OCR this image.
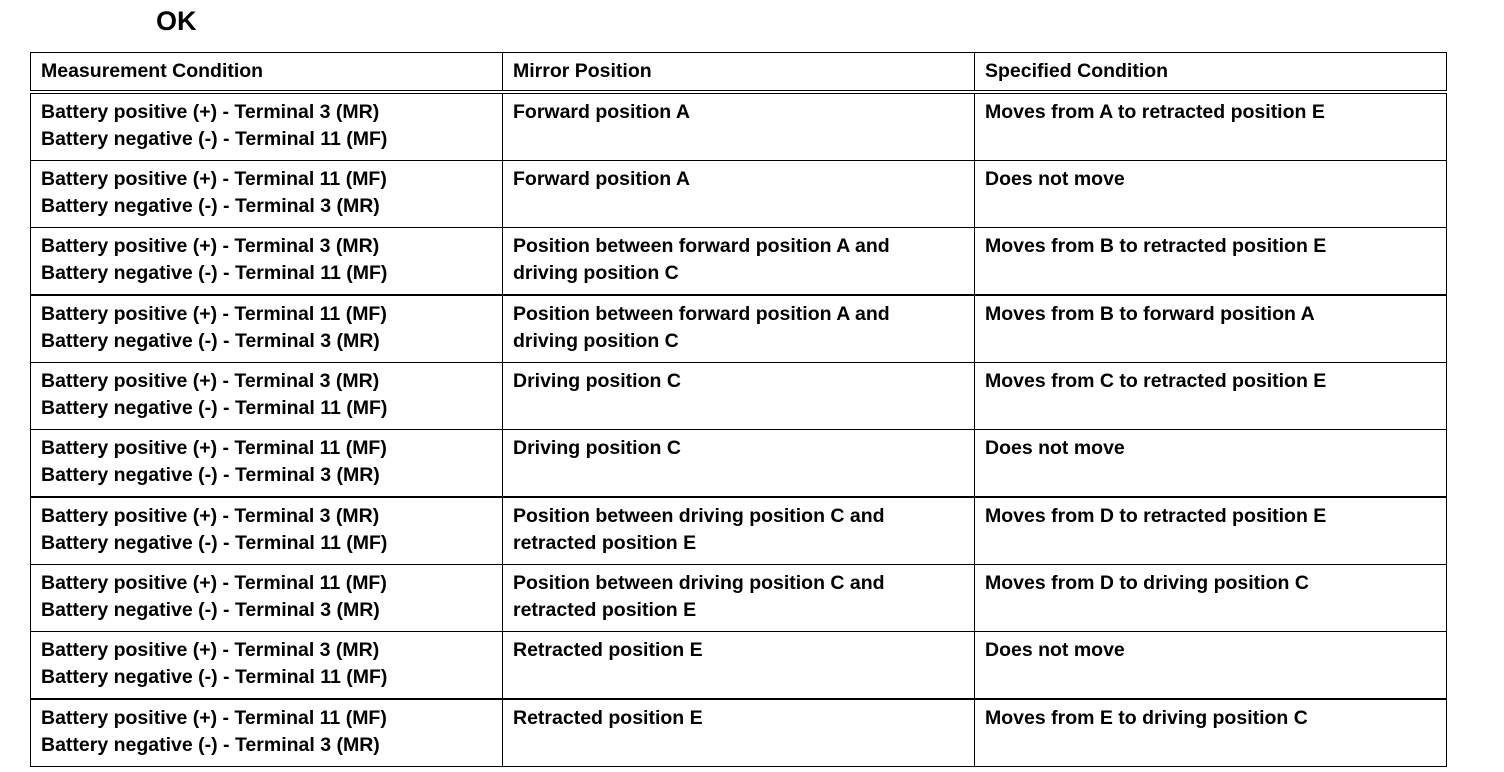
OK
Measurement Condition	Mirror Position	Specified Condition

Battery positive (+) - Terminal 3 (MR)
Battery negative (-) - Terminal 11 (MF)	Forward position A	Moves from A to retracted position E

Battery positive (+) - Terminal 11 (MF)
Battery negative (-) - Terminal 3 (MR)	Forward position A	Does not move

Battery positive (+) - Terminal 3 (MR)
Battery negative (-) - Terminal 11 (MF)	Position between forward position A and
driving position C	Moves from B to retracted position E

Battery positive (+) - Terminal 11 (MF)
Battery negative (-) - Terminal 3 (MR)	Position between forward position A and
driving position C	Moves from B to forward position A

Battery positive (+) - Terminal 3 (MR)
Battery negative (-) - Terminal 11 (MF)	Driving position C	Moves from C to retracted position E

Battery positive (+) - Terminal 11 (MF)
Battery negative (-) - Terminal 3 (MR)	Driving position C	Does not move

Battery positive (+) - Terminal 3 (MR)
Battery negative (-) - Terminal 11 (MF)	Position between driving position C and
retracted position E	Moves from D to retracted position E

Battery positive (+) - Terminal 11 (MF)
Battery negative (-) - Terminal 3 (MR)	Position between driving position C and
retracted position E	Moves from D to driving position C

Battery positive (+) - Terminal 3 (MR)
Battery negative (-) - Terminal 11 (MF)	Retracted position E	Does not move

Battery positive (+) - Terminal 11 (MF)
Battery negative (-) - Terminal 3 (MR)	Retracted position E	Moves from E to driving position C
